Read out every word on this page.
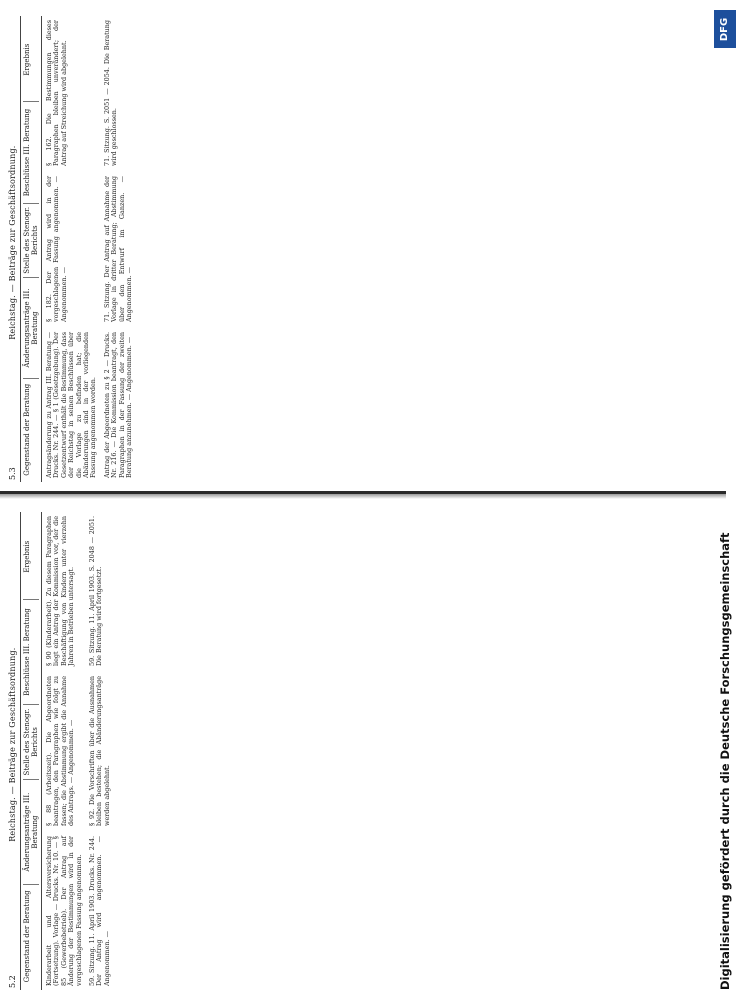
5.3
Reichstag. — Beiträge zur Geschäftsordnung.
Gegenstand der Beratung
Änderungsanträge III. Beratung
Stelle des Stenogr. Berichts
Beschlüsse III. Beratung
Ergebnis
Antragsänderung zu Antrag III. Beratung — Drucks. Nr. 244. — § 1 (Gesetzgebung). Der Gesetzentwurf enthält die Bestimmung, dass der Reichstag in seinen Beschlüssen über die Vorlage zu befinden hat; die Abänderungen sind in der vorliegenden Fassung angenommen worden.
§ 182. Der Antrag wird in der vorgeschlagenen Fassung angenommen. — Angenommen. —
§ 162. Die Bestimmungen dieses Paragraphen bleiben unverändert; der Antrag auf Streichung wird abgelehnt.
Antrag der Abgeordneten zu § 2 — Drucks. Nr. 216. — Die Kommission beantragt, den Paragraphen in der Fassung der zweiten Beratung anzunehmen. — Angenommen. —
71. Sitzung. Der Antrag auf Annahme der Vorlage in dritter Beratung; Abstimmung über den Entwurf im Ganzen. — Angenommen. —
71. Sitzung. S. 2051 — 2054. Die Beratung wird geschlossen.
5.2
Reichstag. — Beiträge zur Geschäftsordnung.
Gegenstand der Beratung
Änderungsanträge III. Beratung
Stelle des Stenogr. Berichts
Beschlüsse III. Beratung
Ergebnis
Kinderarbeit und Altersversicherung (Fortsetzung). Vorlage — Drucks. Nr. 10. — § 85 (Gewerbebetrieb). Der Antrag auf Änderung der Bestimmungen wird in der vorgeschlagenen Fassung angenommen.
§ 88 (Arbeitszeit). Die Abgeordneten beantragen, den Paragraphen wie folgt zu fassen; die Abstimmung ergibt die Annahme des Antrags. — Angenommen. —
§ 90 (Kinderarbeit). Zu diesem Paragraphen liegt ein Antrag der Kommission vor, der die Beschäftigung von Kindern unter vierzehn Jahren in Betrieben untersagt.
59. Sitzung. 11. April 1903. Drucks. Nr. 244. Der Antrag wird angenommen. — Angenommen. —
§ 92. Die Vorschriften über die Ausnahmen bleiben bestehen; die Abänderungsanträge werden abgelehnt.
59. Sitzung. 11. April 1903. S. 2048 — 2051. Die Beratung wird fortgesetzt.	Digitalisierung gefördert durch die Deutsche Forschungsgemeinschaft
DFG
